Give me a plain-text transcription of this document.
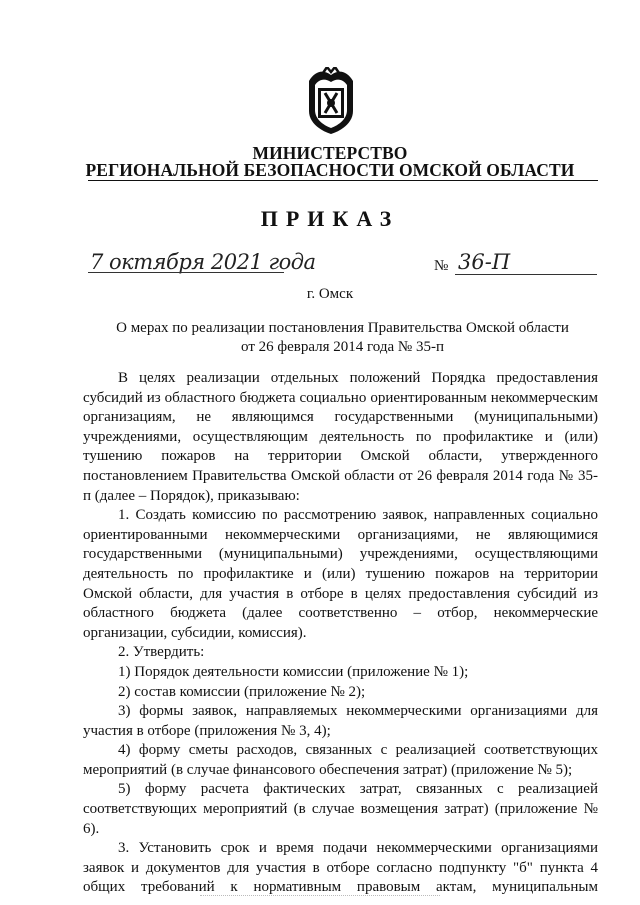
МИНИСТЕРСТВО
РЕГИОНАЛЬНОЙ БЕЗОПАСНОСТИ ОМСКОЙ ОБЛАСТИ
ПРИКАЗ
7 октября 2021 года	№ 36-П
г. Омск
О мерах по реализации постановления Правительства Омской области
от 26 февраля 2014 года № 35-п

В целях реализации отдельных положений Порядка предоставления субсидий из областного бюджета социально ориентированным некоммерческим организациям, не являющимся государственными (муниципальными) учреждениями, осуществляющим деятельность по профилактике и (или) тушению пожаров на территории Омской области, утвержденного постановлением Правительства Омской области от 26 февраля 2014 года № 35-п (далее – Порядок), приказываю:

1. Создать комиссию по рассмотрению заявок, направленных социально ориентированными некоммерческими организациями, не являющимися государственными (муниципальными) учреждениями, осуществляющими деятельность по профилактике и (или) тушению пожаров на территории Омской области, для участия в отборе в целях предоставления субсидий из областного бюджета (далее соответственно – отбор, некоммерческие организации, субсидии, комиссия).

2. Утвердить:

1) Порядок деятельности комиссии (приложение № 1);

2) состав комиссии (приложение № 2);

3) формы заявок, направляемых некоммерческими организациями для участия в отборе (приложения № 3, 4);

4) форму сметы расходов, связанных с реализацией соответствующих мероприятий (в случае финансового обеспечения затрат) (приложение № 5);

5) форму расчета фактических затрат, связанных с реализацией соответствующих мероприятий (в случае возмещения затрат) (приложение № 6).

3. Установить срок и время подачи некоммерческими организациями заявок и документов для участия в отборе согласно подпункту "б" пункта 4 общих требований к нормативным правовым актам, муниципальным
